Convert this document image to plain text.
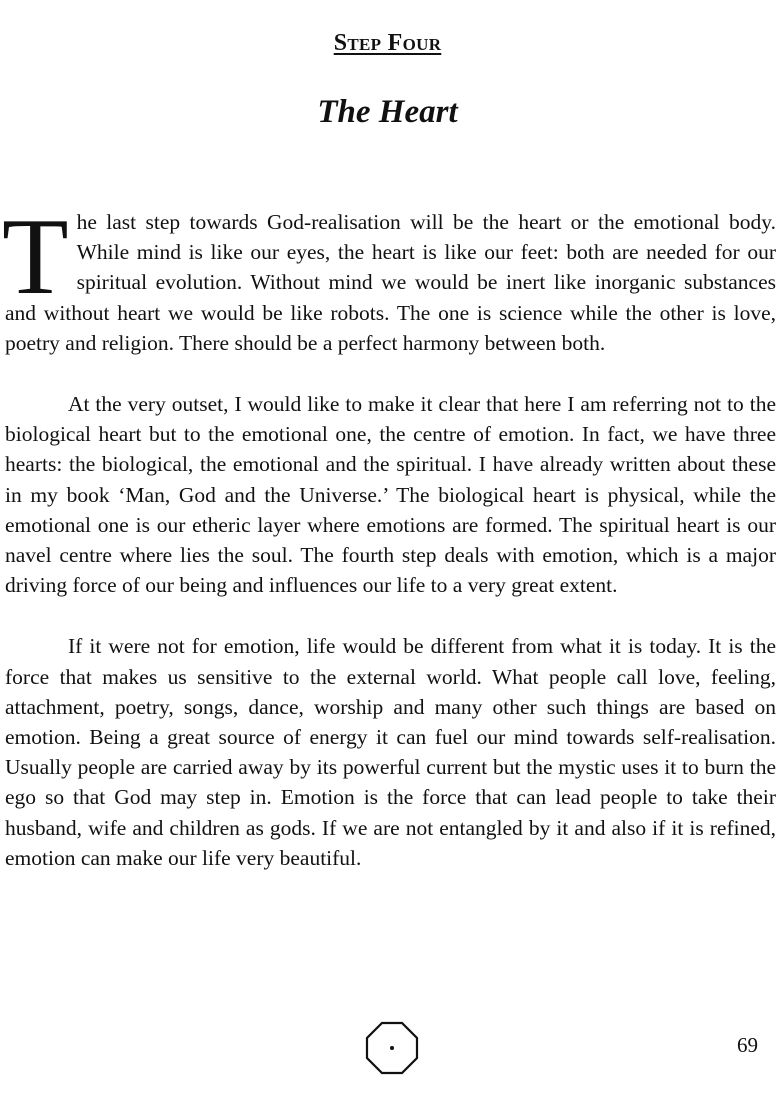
Step Four
The Heart

The last step towards God-realisation will be the heart or the emotional body. While mind is like our eyes, the heart is like our feet: both are needed for our spiritual evolution. Without mind we would be inert like inorganic substances and without heart we would be like robots. The one is science while the other is love, poetry and religion. There should be a perfect harmony between both.

At the very outset, I would like to make it clear that here I am referring not to the biological heart but to the emotional one, the centre of emotion. In fact, we have three hearts: the biological, the emotional and the spiritual. I have already written about these in my book ‘Man, God and the Universe.’ The biological heart is physical, while the emotional one is our etheric layer where emotions are formed. The spiritual heart is our navel centre where lies the soul. The fourth step deals with emotion, which is a major driving force of our being and influences our life to a very great extent.

If it were not for emotion, life would be different from what it is today. It is the force that makes us sensitive to the external world. What people call love, feeling, attachment, poetry, songs, dance, worship and many other such things are based on emotion. Being a great source of energy it can fuel our mind towards self-realisation. Usually people are carried away by its powerful current but the mystic uses it to burn the ego so that God may step in. Emotion is the force that can lead people to take their husband, wife and children as gods. If we are not entangled by it and also if it is refined, emotion can make our life very beautiful.

69
